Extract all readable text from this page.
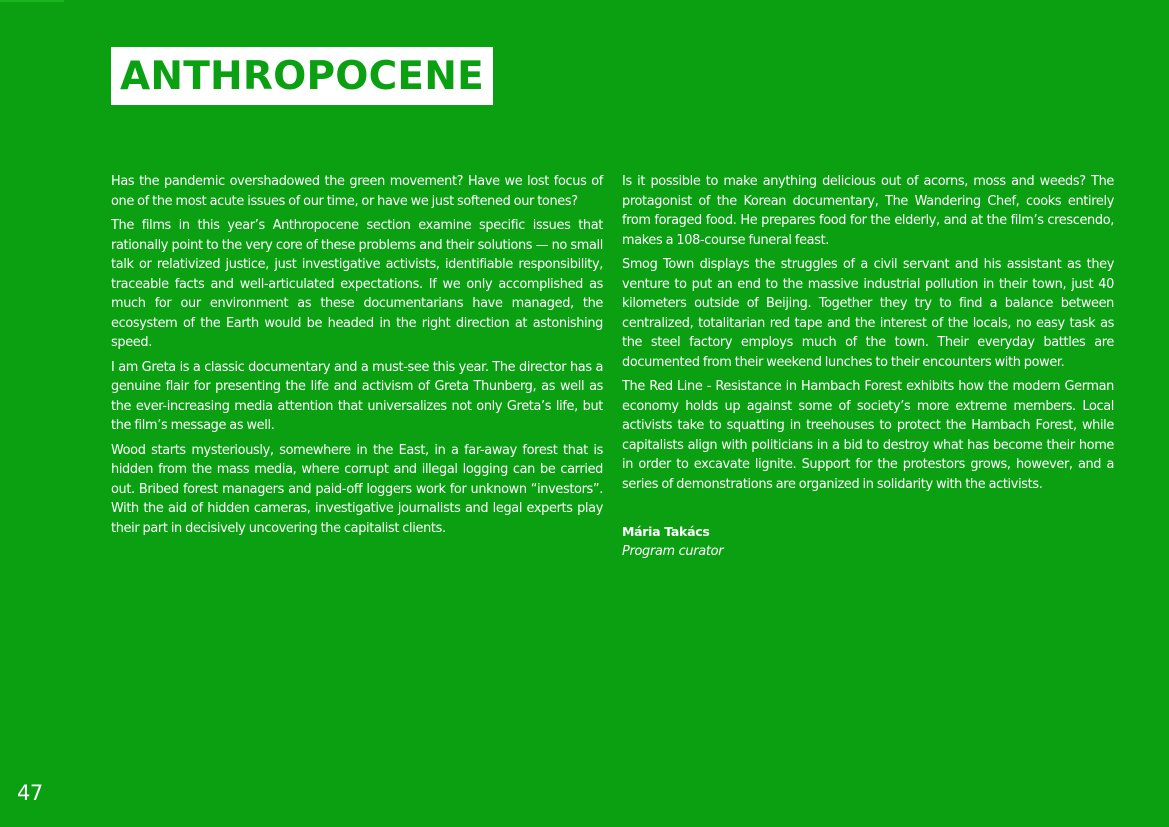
ANTHROPOCENE

Has the pandemic overshadowed the green movement? Have we lost focus of one of the most acute issues of our time, or have we just softened our tones?

The films in this year’s Anthropocene section examine specific issues that rationally point to the very core of these problems and their solutions — no small talk or relativized justice, just investigative activists, identifiable responsibility, traceable facts and well-articulated expectations. If we only accomplished as much for our environment as these documentarians have managed, the ecosystem of the Earth would be headed in the right direction at astonishing speed.

I am Greta is a classic documentary and a must-see this year. The director has a genuine flair for presenting the life and activism of Greta Thunberg, as well as the ever-increasing media attention that universalizes not only Greta’s life, but the film’s message as well.

Wood starts mysteriously, somewhere in the East, in a far-away forest that is hidden from the mass media, where corrupt and illegal logging can be carried out. Bribed forest managers and paid-off loggers work for unknown “investors”. With the aid of hidden cameras, investigative journalists and legal experts play their part in decisively uncovering the capitalist clients.

Is it possible to make anything delicious out of acorns, moss and weeds? The protagonist of the Korean documentary, The Wandering Chef, cooks entirely from foraged food. He prepares food for the elderly, and at the film’s crescendo, makes a 108-course funeral feast.

Smog Town displays the struggles of a civil servant and his assistant as they venture to put an end to the massive industrial pollution in their town, just 40 kilometers outside of Beijing. Together they try to find a balance between centralized, totalitarian red tape and the interest of the locals, no easy task as the steel factory employs much of the town. Their everyday battles are documented from their weekend lunches to their encounters with power.

The Red Line - Resistance in Hambach Forest exhibits how the modern German economy holds up against some of society’s more extreme members. Local activists take to squatting in treehouses to protect the Hambach Forest, while capitalists align with politicians in a bid to destroy what has become their home in order to excavate lignite. Support for the protestors grows, however, and a series of demonstrations are organized in solidarity with the activists.

Mária Takács
Program curator
47
